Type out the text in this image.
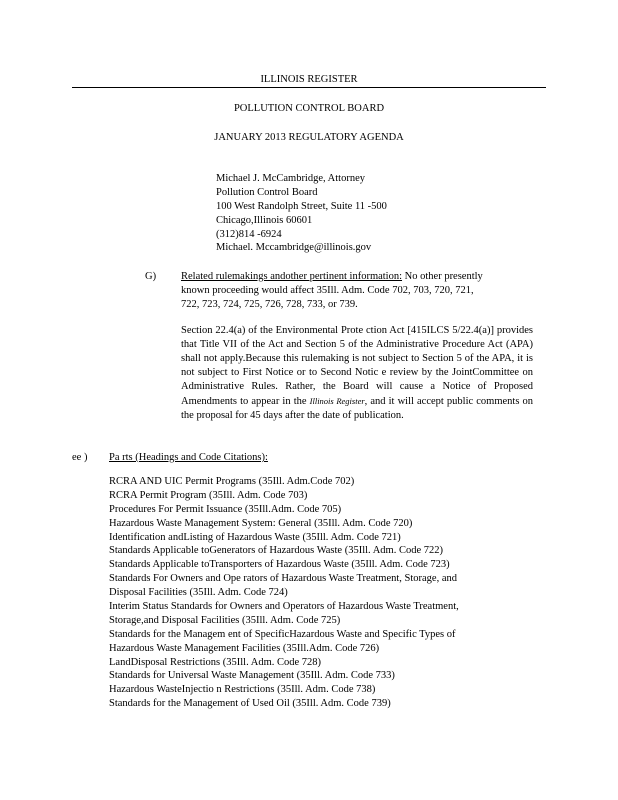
ILLINOIS REGISTER
POLLUTION CONTROL BOARD
JANUARY 2013 REGULATORY AGENDA
Michael J. McCambridge, Attorney
Pollution Control Board
100 West Randolph Street, Suite 11 -500
Chicago,Illinois 60601
(312)814 -6924
Michael. Mccambridge@illinois.gov
G) Related rulemakings andother pertinent information: No other presently
known proceeding would affect 35Ill. Adm. Code 702, 703, 720, 721,
722, 723, 724, 725, 726, 728, 733, or 739.
Section 22.4(a) of the Environmental Prote ction Act [415ILCS 5/22.4(a)] provides that Title VII of the Act and Section 5 of the Administrative Procedure Act (APA) shall not apply.Because this rulemaking is not subject to Section 5 of the APA, it is not subject to First Notice or to Second Notic e review by the JointCommittee on Administrative Rules. Rather, the Board will cause a Notice of Proposed Amendments to appear in the Illinois Register, and it will accept public comments on the proposal for 45 days after the date of publication.
ee ) Pa rts (Headings and Code Citations):
RCRA AND UIC Permit Programs (35Ill. Adm.Code 702)
RCRA Permit Program (35Ill. Adm. Code 703)
Procedures For Permit Issuance (35Ill.Adm. Code 705)
Hazardous Waste Management System: General (35Ill. Adm. Code 720)
Identification andListing of Hazardous Waste (35Ill. Adm. Code 721)
Standards Applicable toGenerators of Hazardous Waste (35Ill. Adm. Code 722)
Standards Applicable toTransporters of Hazardous Waste (35Ill. Adm. Code 723)
Standards For Owners and Ope rators of Hazardous Waste Treatment, Storage, and
Disposal Facilities (35Ill. Adm. Code 724)
Interim Status Standards for Owners and Operators of Hazardous Waste Treatment,
Storage,and Disposal Facilities (35Ill. Adm. Code 725)
Standards for the Managem ent of SpecificHazardous Waste and Specific Types of
Hazardous Waste Management Facilities (35Ill.Adm. Code 726)
LandDisposal Restrictions (35Ill. Adm. Code 728)
Standards for Universal Waste Management (35Ill. Adm. Code 733)
Hazardous WasteInjectio n Restrictions (35Ill. Adm. Code 738)
Standards for the Management of Used Oil (35Ill. Adm. Code 739)
